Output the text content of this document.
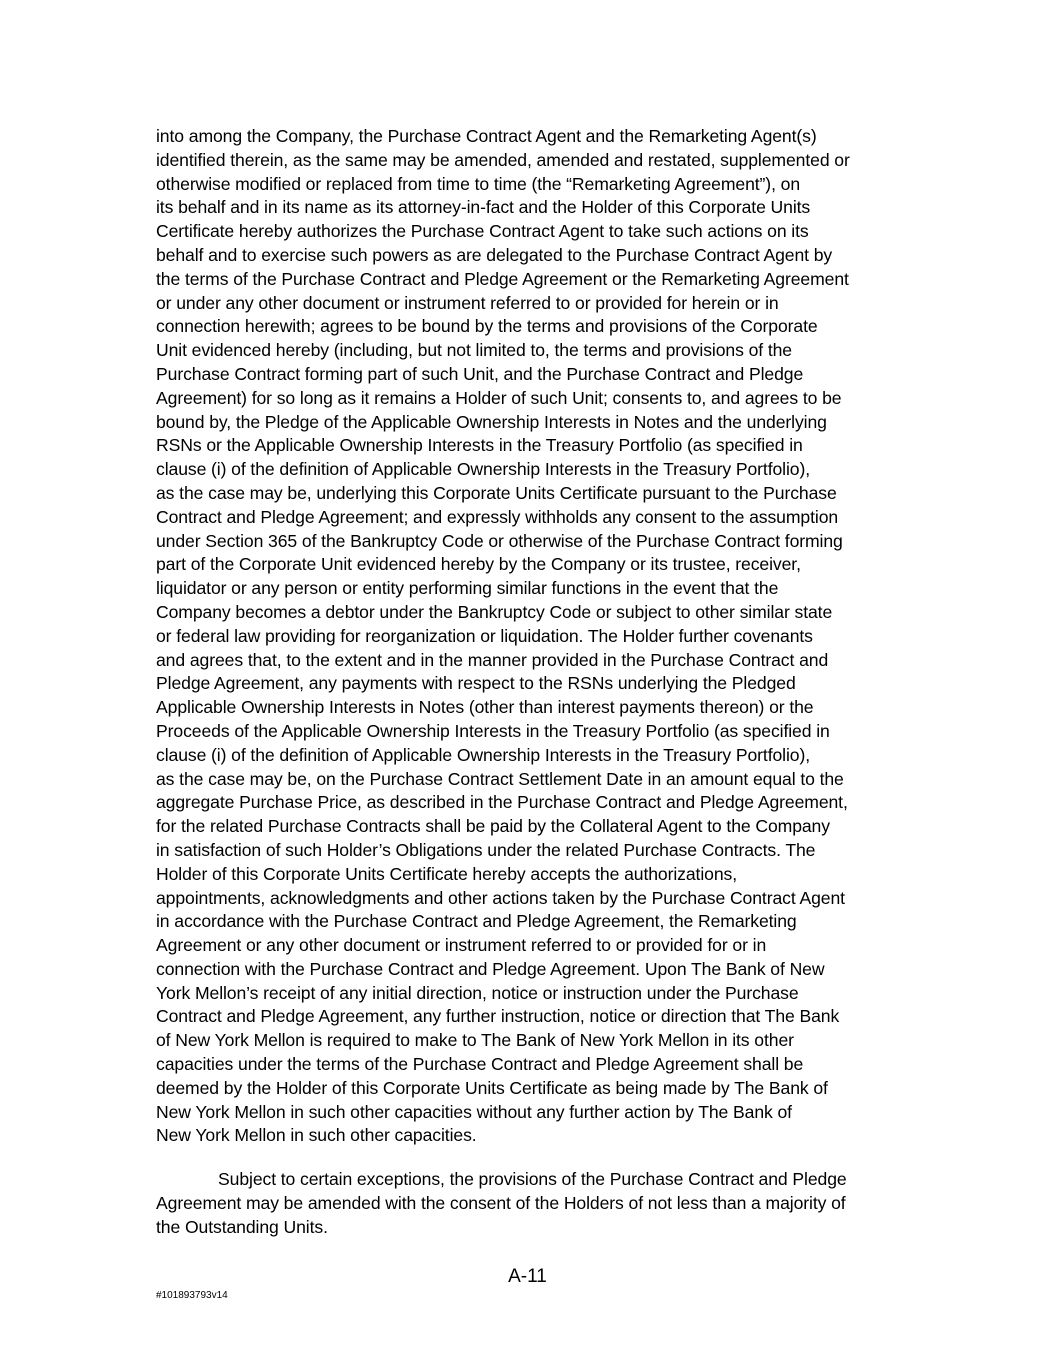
into among the Company, the Purchase Contract Agent and the Remarketing Agent(s)
identified therein, as the same may be amended, amended and restated, supplemented or
otherwise modified or replaced from time to time (the “Remarketing Agreement”), on
its behalf and in its name as its attorney-in-fact and the Holder of this Corporate Units
Certificate hereby authorizes the Purchase Contract Agent to take such actions on its
behalf and to exercise such powers as are delegated to the Purchase Contract Agent by
the terms of the Purchase Contract and Pledge Agreement or the Remarketing Agreement
or under any other document or instrument referred to or provided for herein or in
connection herewith; agrees to be bound by the terms and provisions of the Corporate
Unit evidenced hereby (including, but not limited to, the terms and provisions of the
Purchase Contract forming part of such Unit, and the Purchase Contract and Pledge
Agreement) for so long as it remains a Holder of such Unit; consents to, and agrees to be
bound by, the Pledge of the Applicable Ownership Interests in Notes and the underlying
RSNs or the Applicable Ownership Interests in the Treasury Portfolio (as specified in
clause (i) of the definition of Applicable Ownership Interests in the Treasury Portfolio),
as the case may be, underlying this Corporate Units Certificate pursuant to the Purchase
Contract and Pledge Agreement; and expressly withholds any consent to the assumption
under Section 365 of the Bankruptcy Code or otherwise of the Purchase Contract forming
part of the Corporate Unit evidenced hereby by the Company or its trustee, receiver,
liquidator or any person or entity performing similar functions in the event that the
Company becomes a debtor under the Bankruptcy Code or subject to other similar state
or federal law providing for reorganization or liquidation. The Holder further covenants
and agrees that, to the extent and in the manner provided in the Purchase Contract and
Pledge Agreement, any payments with respect to the RSNs underlying the Pledged
Applicable Ownership Interests in Notes (other than interest payments thereon) or the
Proceeds of the Applicable Ownership Interests in the Treasury Portfolio (as specified in
clause (i) of the definition of Applicable Ownership Interests in the Treasury Portfolio),
as the case may be, on the Purchase Contract Settlement Date in an amount equal to the
aggregate Purchase Price, as described in the Purchase Contract and Pledge Agreement,
for the related Purchase Contracts shall be paid by the Collateral Agent to the Company
in satisfaction of such Holder’s Obligations under the related Purchase Contracts. The
Holder of this Corporate Units Certificate hereby accepts the authorizations,
appointments, acknowledgments and other actions taken by the Purchase Contract Agent
in accordance with the Purchase Contract and Pledge Agreement, the Remarketing
Agreement or any other document or instrument referred to or provided for or in
connection with the Purchase Contract and Pledge Agreement. Upon The Bank of New
York Mellon’s receipt of any initial direction, notice or instruction under the Purchase
Contract and Pledge Agreement, any further instruction, notice or direction that The Bank
of New York Mellon is required to make to The Bank of New York Mellon in its other
capacities under the terms of the Purchase Contract and Pledge Agreement shall be
deemed by the Holder of this Corporate Units Certificate as being made by The Bank of
New York Mellon in such other capacities without any further action by The Bank of
New York Mellon in such other capacities.
Subject to certain exceptions, the provisions of the Purchase Contract and Pledge
Agreement may be amended with the consent of the Holders of not less than a majority of
the Outstanding Units.
A-11
#101893793v14
